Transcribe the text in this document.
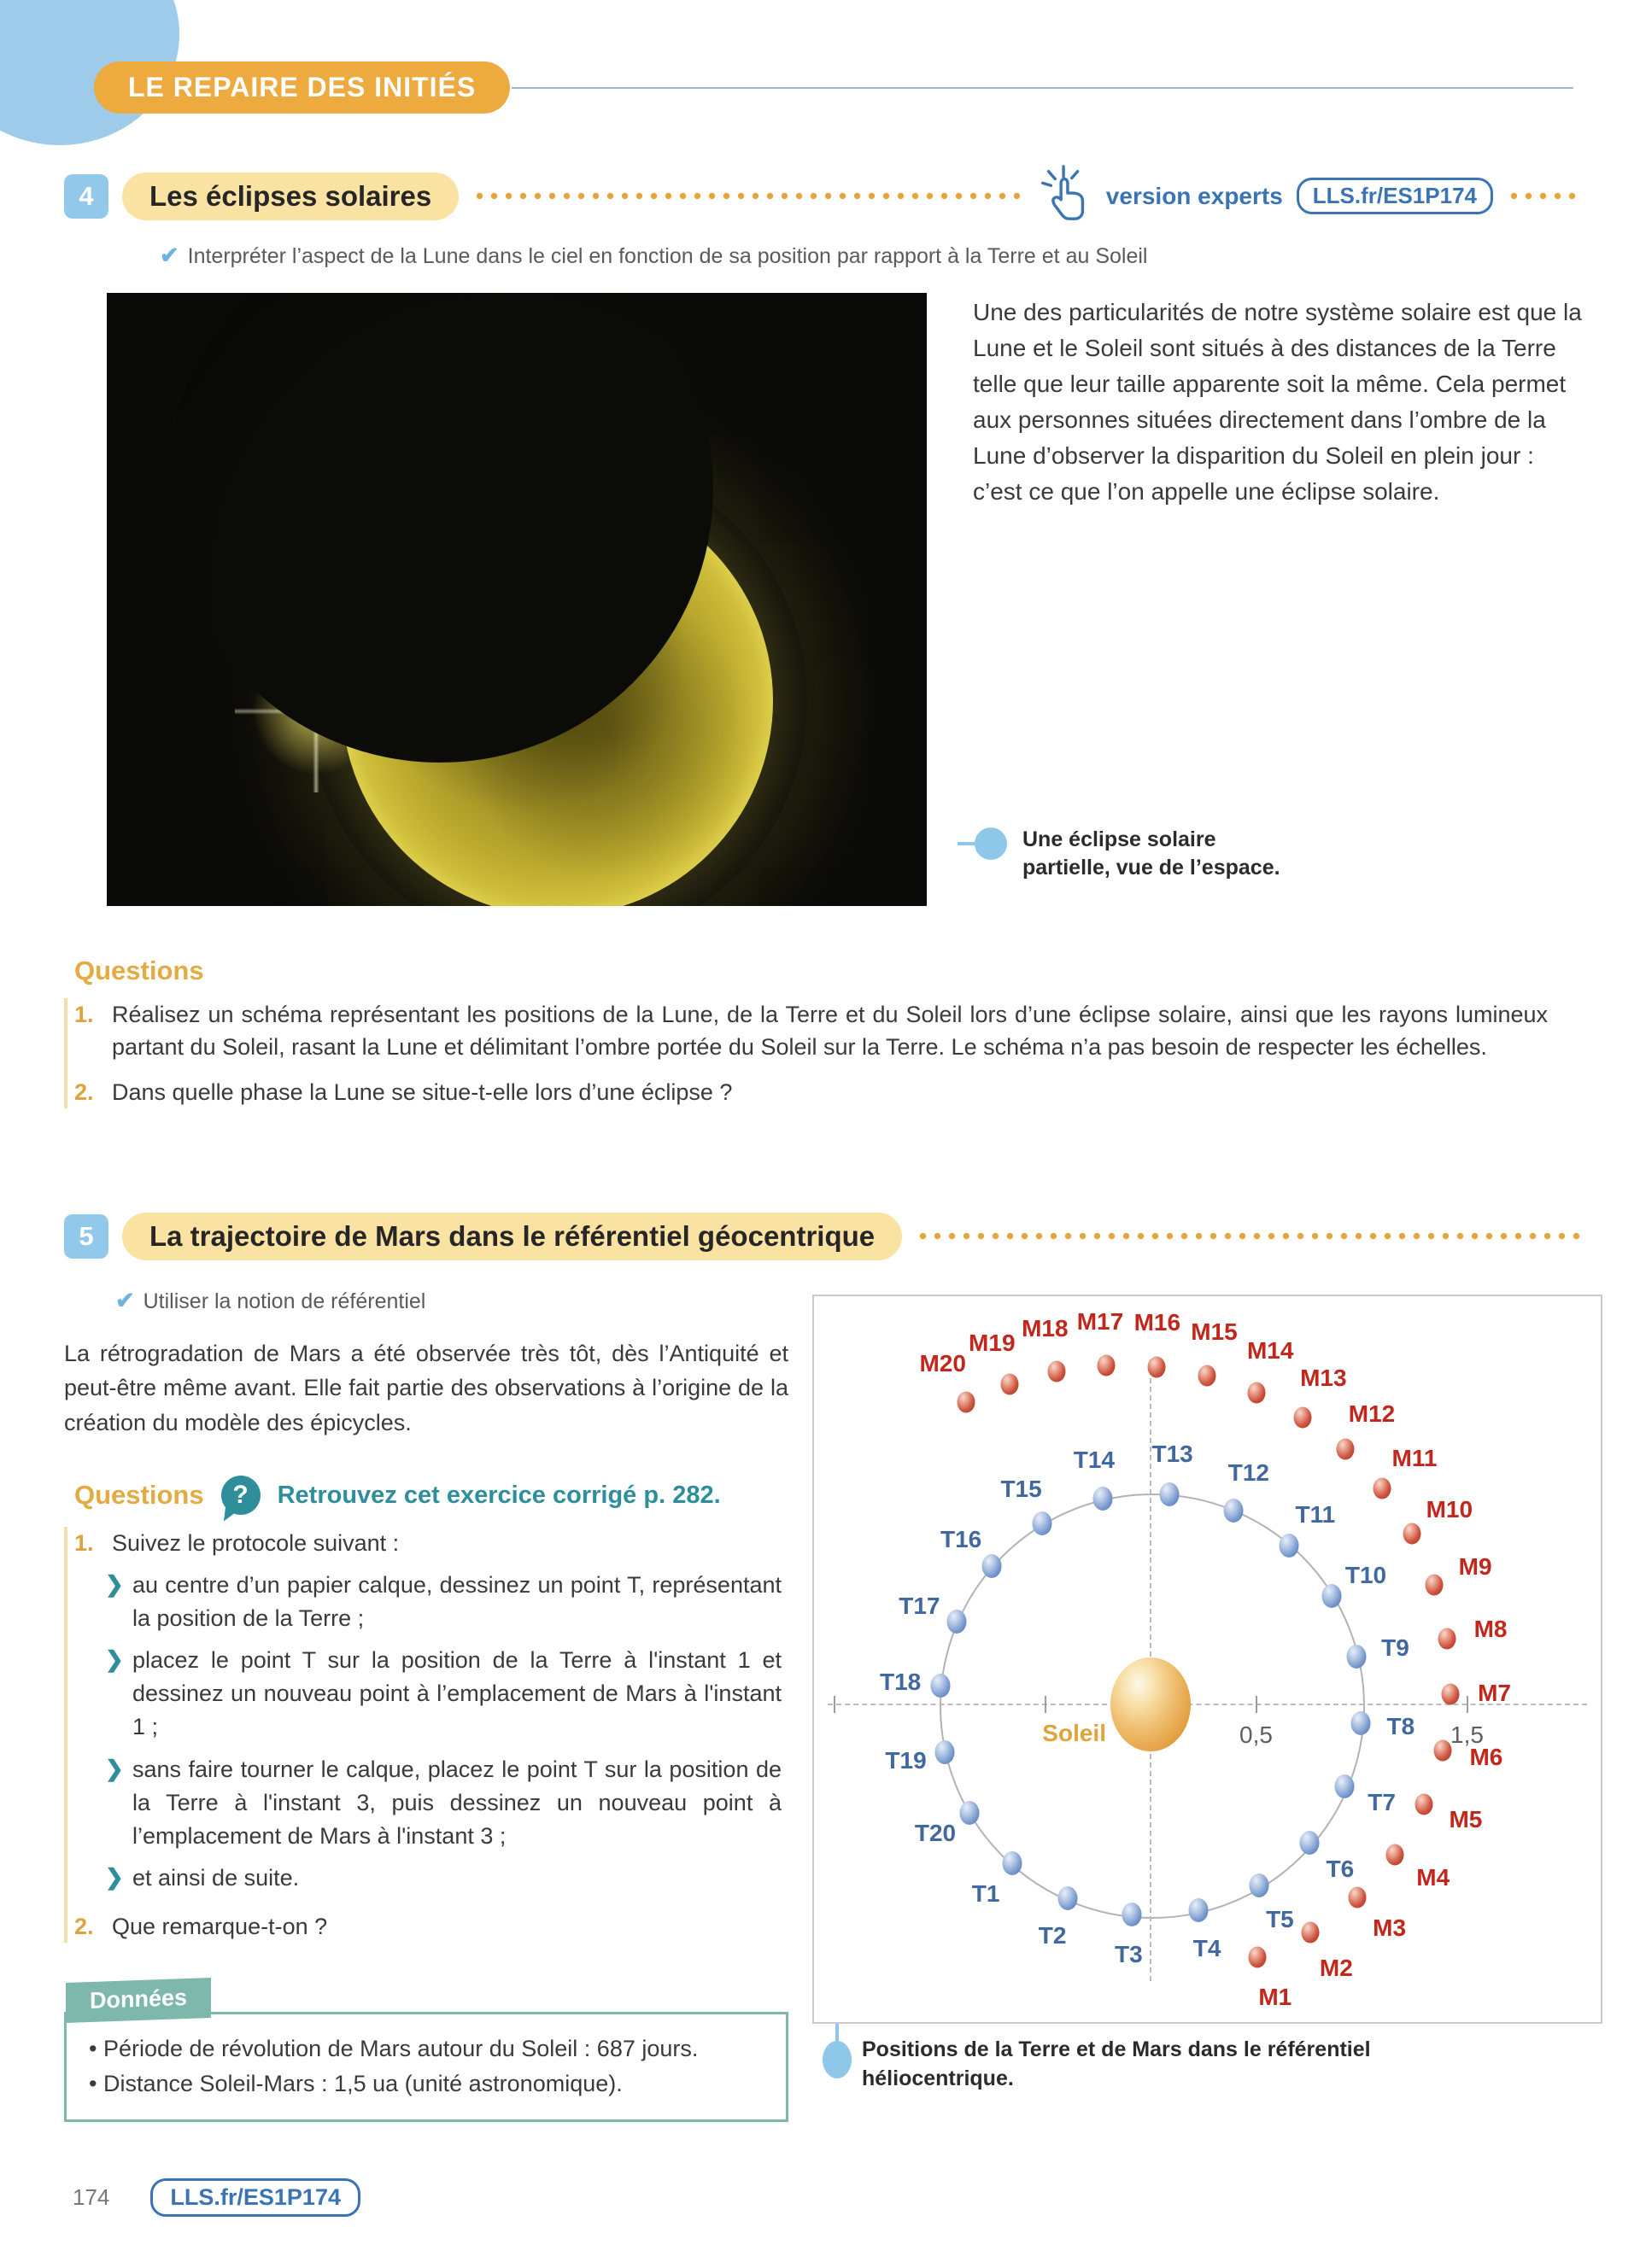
LE REPAIRE DES INITIÉS
4	Les éclipses solaires	version experts	LLS.fr/ES1P174
✔ Interpréter l’aspect de la Lune dans le ciel en fonction de sa position par rapport à la Terre et au Soleil

Une des particularités de notre système solaire est que la Lune et le Soleil sont situés à des distances de la Terre telle que leur taille apparente soit la même. Cela permet aux personnes situées directement dans l’ombre de la Lune d’observer la disparition du Soleil en plein jour : c’est ce que l’on appelle une éclipse solaire.

Une éclipse solaire partielle, vue de l’espace.
Questions
1. Réalisez un schéma représentant les positions de la Lune, de la Terre et du Soleil lors d’une éclipse solaire, ainsi que les rayons lumineux partant du Soleil, rasant la Lune et délimitant l’ombre portée du Soleil sur la Terre. Le schéma n’a pas besoin de respecter les échelles.
2. Dans quelle phase la Lune se situe-t-elle lors d’une éclipse ?
5	La trajectoire de Mars dans le référentiel géocentrique
✔ Utiliser la notion de référentiel

La rétrogradation de Mars a été observée très tôt, dès l’Antiquité et peut-être même avant. Elle fait partie des observations à l’origine de la création du modèle des épicycles.

Questions	?	Retrouvez cet exercice corrigé p. 282.
1. Suivez le protocole suivant :
❯ au centre d’un papier calque, dessinez un point T, représentant la position de la Terre ;
❯ placez le point T sur la position de la Terre à l'instant 1 et dessinez un nouveau point à l’emplacement de Mars à l'instant 1 ;
❯ sans faire tourner le calque, placez le point T sur la position de la Terre à l'instant 3, puis dessinez un nouveau point à l’emplacement de Mars à l'instant 3 ;
❯ et ainsi de suite.
2. Que remarque-t-on ?
Données
• Période de révolution de Mars autour du Soleil : 687 jours.
• Distance Soleil-Mars : 1,5 ua (unité astronomique).
0,5	1,5
Soleil
T1
T2
T3 T4
T5
T6
T7
T8
T9
T10
T11
T12
T13
T14
T15
T16
T17
T18
T19
T20
M1
M2
M3
M4
M5
M6
M7
M8
M9
M10
M11
M12
M13
M14
M15
M16
M17
M18
M19
M20
Positions de la Terre et de Mars dans le référentiel héliocentrique.
174	LLS.fr/ES1P174
